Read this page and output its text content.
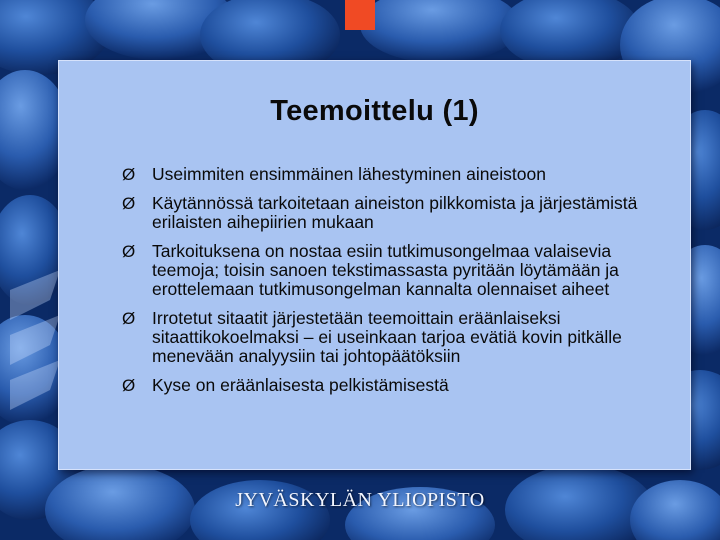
Teemoittelu (1)
Ø Useimmiten ensimmäinen lähestyminen aineistoon
Ø Käytännössä tarkoitetaan aineiston pilkkomista ja järjestämistä erilaisten aihepiirien mukaan
Ø Tarkoituksena on nostaa esiin tutkimusongelmaa valaisevia teemoja; toisin sanoen tekstimassasta pyritään löytämään ja erottelemaan tutkimusongelman kannalta olennaiset aiheet
Ø Irrotetut sitaatit järjestetään teemoittain eräänlaiseksi sitaattikokoelmaksi – ei useinkaan tarjoa evätiä kovin pitkälle menevään analyysiin tai johtopäätöksiin
Ø Kyse on eräänlaisesta pelkistämisestä
JYVÄSKYLÄN YLIOPISTO
